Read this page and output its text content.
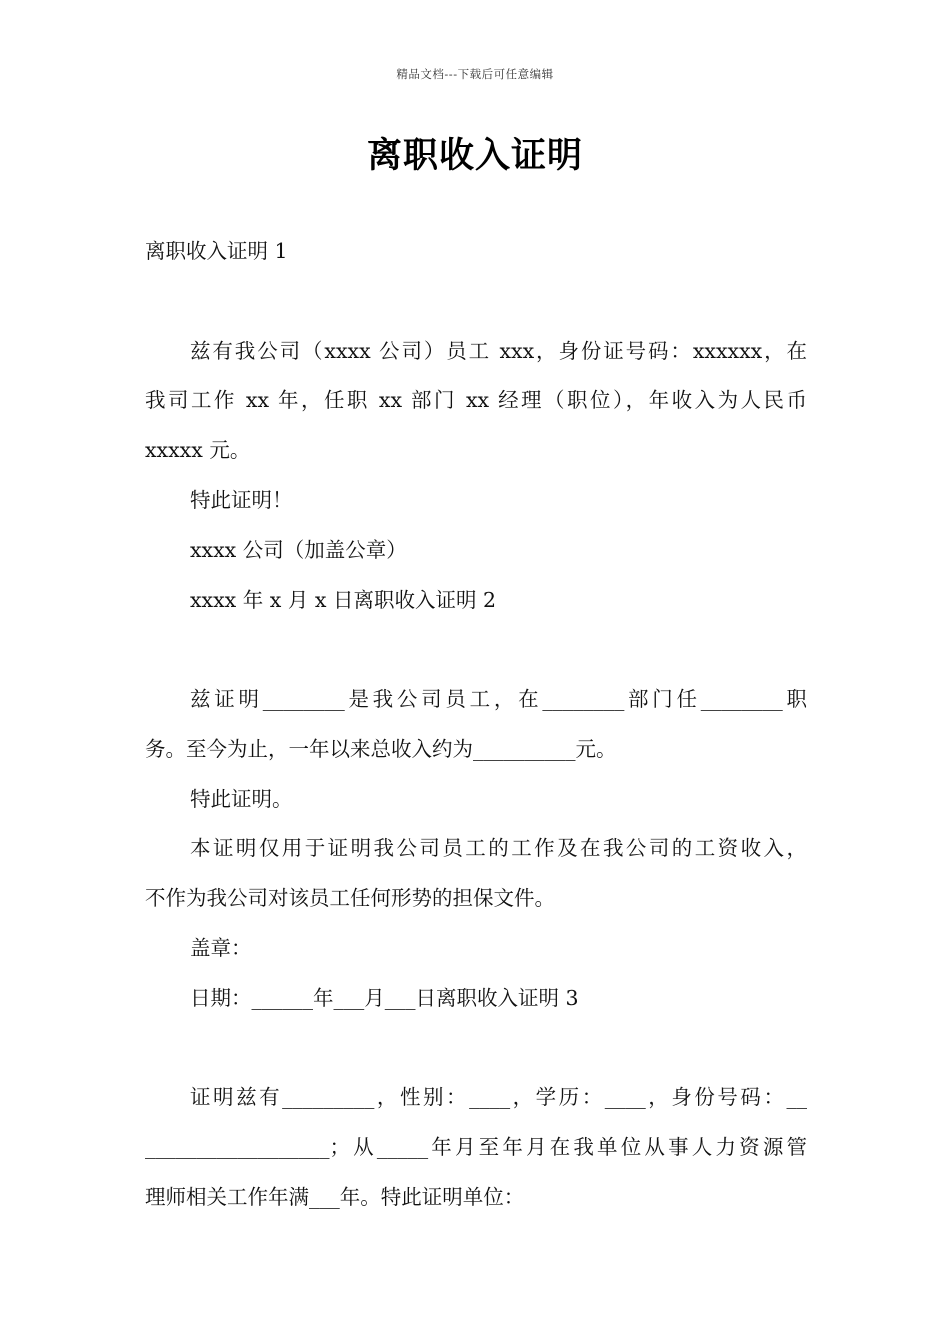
精品文档---下载后可任意编辑
离职收入证明
离职收入证明 1
兹有我公司（xxxx 公司）员工 xxx，身份证号码：xxxxxx，在
我司工作 xx 年，任职 xx 部门 xx 经理（职位），年收入为人民币
xxxxx 元。
特此证明！
xxxx 公司（加盖公章）
xxxx 年 x 月 x 日离职收入证明 2
兹证明________是我公司员工，在________部门任________职
务。至今为止，一年以来总收入约为__________元。
特此证明。
本证明仅用于证明我公司员工的工作及在我公司的工资收入，
不作为我公司对该员工任何形势的担保文件。
盖章：
日期：______年___月___日离职收入证明 3
证明兹有_________，性别：____，学历：____，身份号码：__
__________________；从_____年月至年月在我单位从事人力资源管
理师相关工作年满___年。特此证明单位：
